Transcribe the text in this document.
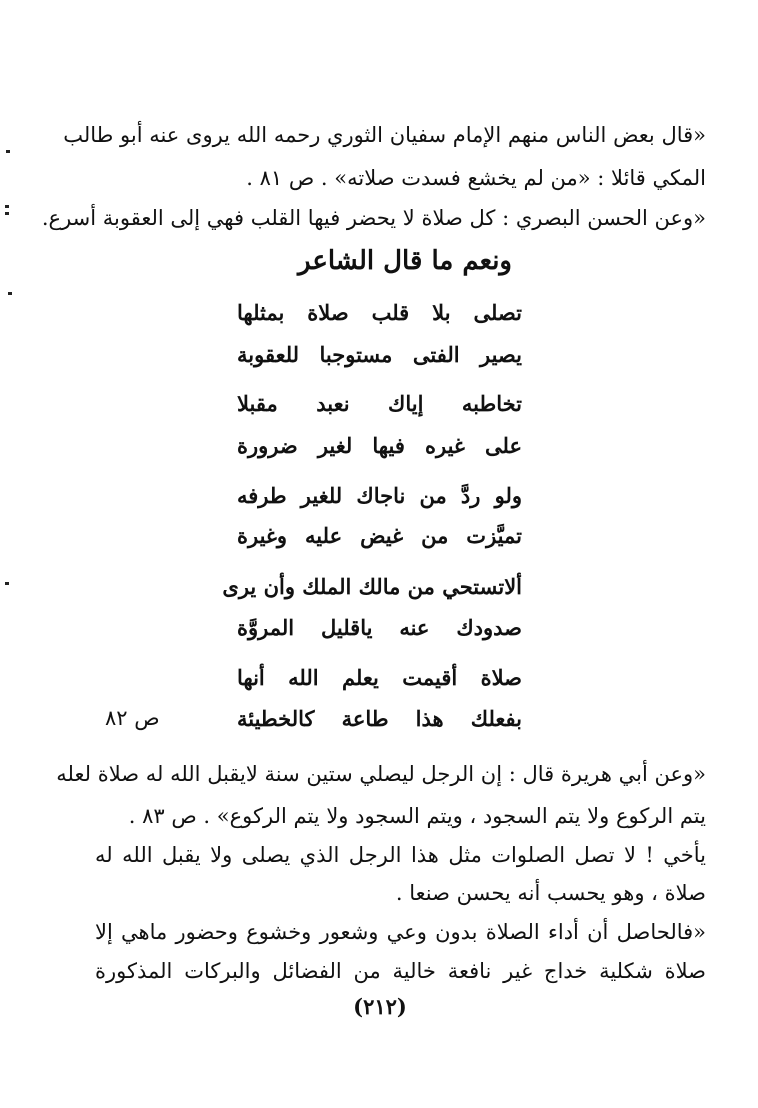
«قال بعض الناس منهم الإمام سفيان الثوري رحمه الله يروى عنه أبو طالب
المكي قائلا : «من لم يخشع فسدت صلاته» . ص ٨١ .
«وعن الحسن البصري : كل صلاة لا يحضر فيها القلب فهي إلى العقوبة أسرع.
ونعم ما قال الشاعر
تصلى بلا قلب صلاة بمثلها
يصير الفتى مستوجبا للعقوبة
تخاطبه إياك نعبد مقبلا
على غيره فيها لغير ضرورة
ولو ردَّ من ناجاك للغير طرفه
تميَّزت من غيض عليه وغيرة
ألاتستحي من مالك الملك وأن يرى
صدودك عنه ياقليل المروَّة
صلاة أقيمت يعلم الله أنها
بفعلك هذا طاعة كالخطيئة
ص ٨٢
«وعن أبي هريرة قال : إن الرجل ليصلي ستين سنة لايقبل الله له صلاة لعله
يتم الركوع ولا يتم السجود ، ويتم السجود ولا يتم الركوع» . ص ٨٣ .
يأخي ! لا تصل الصلوات مثل هذا الرجل الذي يصلى ولا يقبل الله له
صلاة ، وهو يحسب أنه يحسن صنعا .
«فالحاصل أن أداء الصلاة بدون وعي وشعور وخشوع وحضور ماهي إلا
صلاة شكلية خداج غير نافعة خالية من الفضائل والبركات المذكورة
(٢١٢)
